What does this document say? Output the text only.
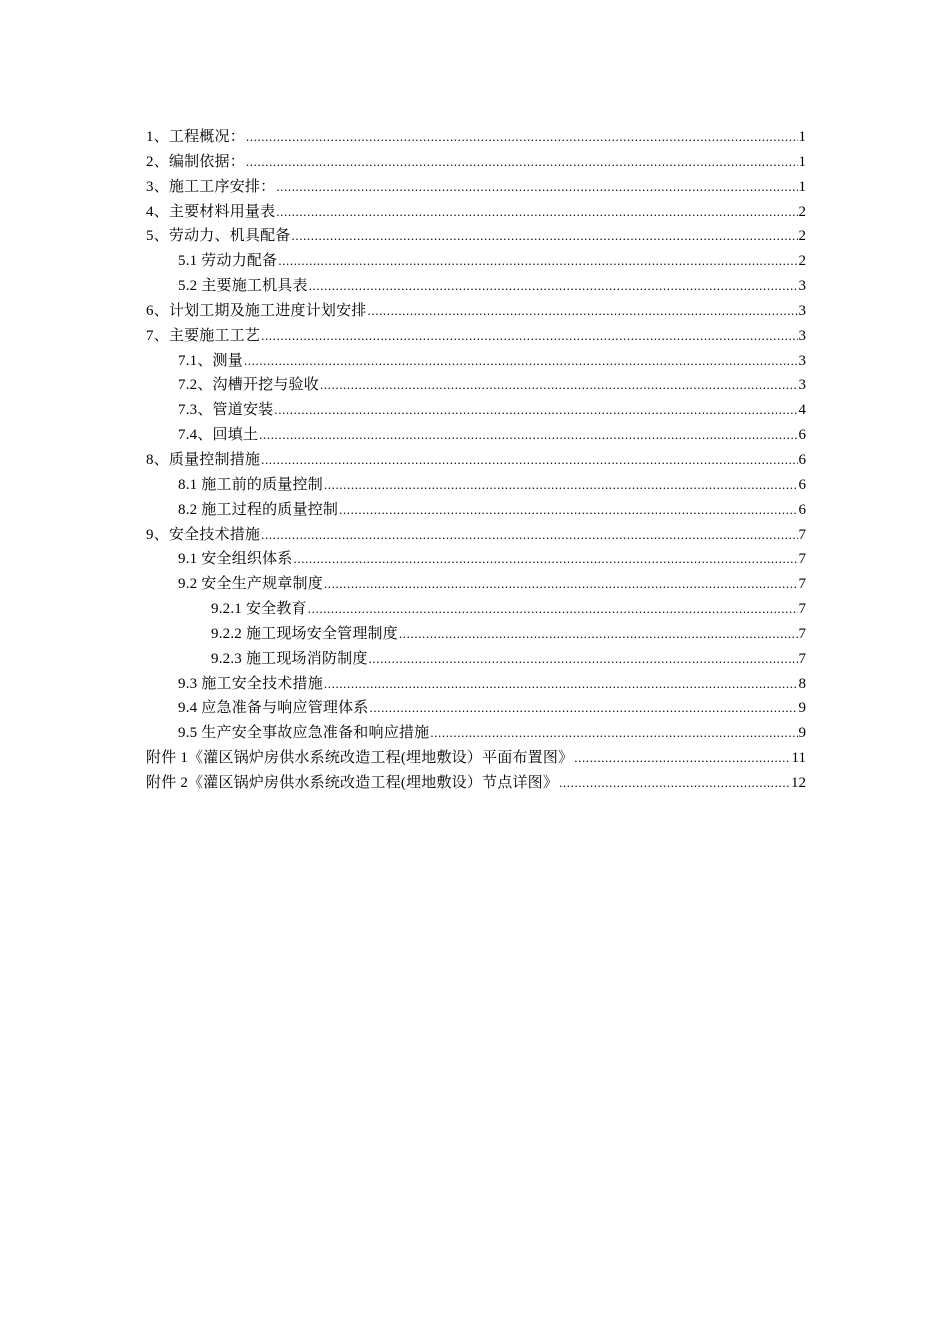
1、工程概况： .....	1
2、编制依据： .....	1
3、施工工序安排： .....	1
4、主要材料用量表 .....	2
5、劳动力、机具配备 .....	2
5.1 劳动力配备 .....	2
5.2 主要施工机具表 .....	3
6、计划工期及施工进度计划安排 .....	3
7、主要施工工艺 .....	3
7.1、测量 .....	3
7.2、沟槽开挖与验收 .....	3
7.3、管道安装 .....	4
7.4、回填土 .....	6
8、质量控制措施 .....	6
8.1 施工前的质量控制 .....	6
8.2 施工过程的质量控制 .....	6
9、安全技术措施 .....	7
9.1 安全组织体系 .....	7
9.2 安全生产规章制度 .....	7
9.2.1 安全教育 .....	7
9.2.2 施工现场安全管理制度 .....	7
9.2.3 施工现场消防制度 .....	7
9.3 施工安全技术措施 .....	8
9.4 应急准备与响应管理体系 .....	9
9.5 生产安全事故应急准备和响应措施 .....	9
附件 1《灌区锅炉房供水系统改造工程(埋地敷设）平面布置图》 .....	11
附件 2《灌区锅炉房供水系统改造工程(埋地敷设）节点详图》 .....	12
